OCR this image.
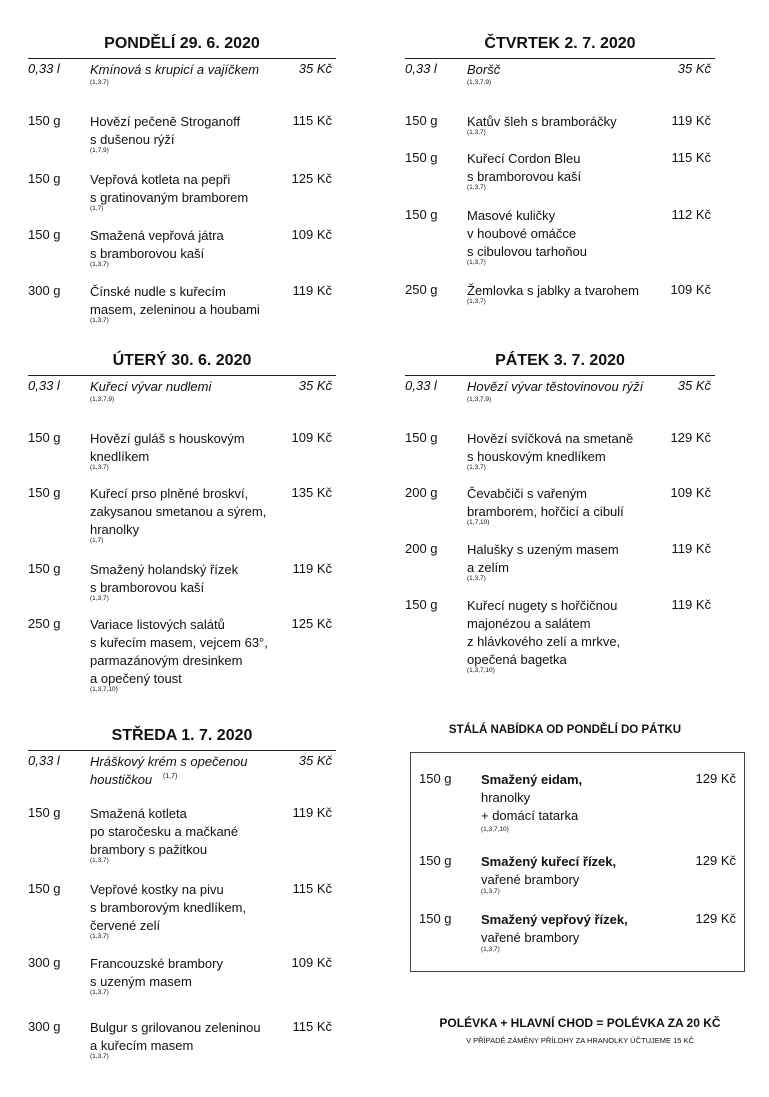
PONDĚLÍ 29. 6. 2020
0,33 l Kmínová s krupicí a vajíčkem	35 Kč
(1,3,7)
150 g Hovězí pečeně Stroganoff
s dušenou rýží
115 Kč
(1,7,9)
150 g Vepřová kotleta na pepři
s gratinovaným bramborem
125 Kč
(1,7)
150 g Smažená vepřová játra
s bramborovou kaší
109 Kč
(1,3,7)
300 g Čínské nudle s kuřecím
masem, zeleninou a houbami
119 Kč
(1,3,7)
ČTVRTEK 2. 7. 2020
0,33 l Boršč	35 Kč
(1,3,7,9)
150 g Katův šleh s bramboráčky	119 Kč
(1,3,7)
150 g Kuřecí Cordon Bleu
s bramborovou kaší
115 Kč
(1,3,7)
150 g Masové kuličky
v houbové omáčce
s cibulovou tarhoňou
112 Kč
(1,3,7)
250 g Žemlovka s jablky a tvarohem 109 Kč
(1,3,7)
ÚTERÝ 30. 6. 2020
0,33 l Kuřecí vývar nudlemi	35 Kč
(1,3,7,9)
150 g Hovězí guláš s houskovým
knedlíkem
109 Kč
(1,3,7)
150 g Kuřecí prso plněné broskví,
zakysanou smetanou a sýrem,
hranolky
135 Kč
(1,7)
150 g Smažený holandský řízek
s bramborovou kaší
119 Kč
(1,3,7)
250 g Variace listových salátů
s kuřecím masem, vejcem 63°,
parmazánovým dresinkem
a opečený toust
125 Kč
(1,3,7,10)
PÁTEK 3. 7. 2020
0,33 l Hovězí vývar těstovinovou rýží	35 Kč
(1,3,7,9)
150 g Hovězí svíčková na smetaně
s houskovým knedlíkem
129 Kč
(1,3,7)
200 g Čevabčiči s vařeným
bramborem, hořčicí a cibulí
109 Kč
(1,7,10)
200 g Halušky s uzeným masem
a zelím
119 Kč
(1,3,7)
150 g Kuřecí nugety s hořčičnou
majonézou a salátem
z hlávkového zelí a mrkve,
opečená bagetka
119 Kč
(1,3,7,10)
STŘEDA 1. 7. 2020
0,33 l Hráškový krém s opečenou
houstičkou
35 Kč
(1,7)
150 g Smažená kotleta
po staročesku a mačkané
brambory s pažitkou
119 Kč
(1,3,7)
150 g Vepřové kostky na pivu
s bramborovým knedlíkem,
červené zelí
115 Kč
(1,3,7)
300 g Francouzské brambory
s uzeným masem
109 Kč
(1,3,7)
300 g Bulgur s grilovanou zeleninou
a kuřecím masem
115 Kč
(1,3,7)
STÁLÁ NABÍDKA OD PONDĚLÍ DO PÁTKU
150 g Smažený eidam,
hranolky
+ domácí tatarka
129 Kč
(1,3,7,10)
150 g Smažený kuřecí řízek,
vařené brambory
129 Kč
(1,3,7)
150 g Smažený vepřový řízek,
vařené brambory
129 Kč
(1,3,7)
POLÉVKA + HLAVNÍ CHOD = POLÉVKA ZA 20 KČ
V PŘÍPADĚ ZÁMĚNY PŘÍLOHY ZA HRANOLKY ÚČTUJEME 15 KČ
